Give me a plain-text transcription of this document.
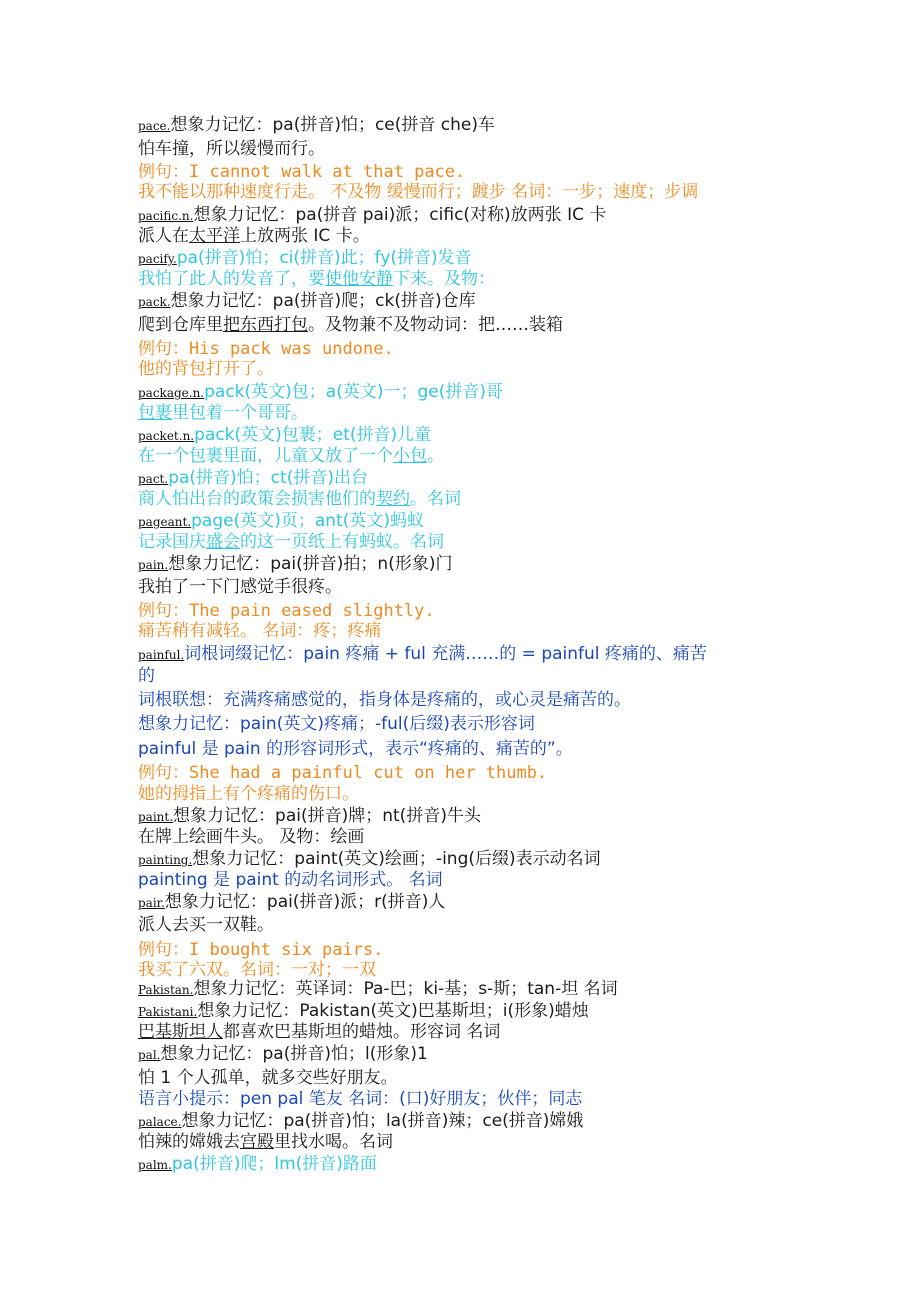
pace.想象力记忆：pa(拼音)怕；ce(拼音 che)车
怕车撞，所以缓慢而行。
例句：I cannot walk at that pace.
我不能以那种速度行走。 不及物 缓慢而行；踱步 名词：一步；速度；步调
pacific.n.想象力记忆：pa(拼音 pai)派；cific(对称)放两张 IC 卡
派人在太平洋上放两张 IC 卡。
pacify.pa(拼音)怕；ci(拼音)此；fy(拼音)发音
我怕了此人的发音了，要使他安静下来。及物：
pack.想象力记忆：pa(拼音)爬；ck(拼音)仓库
爬到仓库里把东西打包。及物兼不及物动词：把……装箱
例句：His pack was undone.
他的背包打开了。
package.n.pack(英文)包；a(英文)一；ge(拼音)哥
包裹里包着一个哥哥。
packet.n.pack(英文)包裹；et(拼音)儿童
在一个包裹里面，儿童又放了一个小包。
pact.pa(拼音)怕；ct(拼音)出台
商人怕出台的政策会损害他们的契约。名词
pageant.page(英文)页；ant(英文)蚂蚁
记录国庆盛会的这一页纸上有蚂蚁。名词
pain.想象力记忆：pai(拼音)拍；n(形象)门
我拍了一下门感觉手很疼。
例句：The pain eased slightly.
痛苦稍有减轻。 名词：疼；疼痛
painful.词根词缀记忆：pain 疼痛 + ful 充满……的 = painful 疼痛的、痛苦
的
词根联想：充满疼痛感觉的，指身体是疼痛的，或心灵是痛苦的。
想象力记忆：pain(英文)疼痛；-ful(后缀)表示形容词
painful 是 pain 的形容词形式，表示“疼痛的、痛苦的”。
例句：She had a painful cut on her thumb.
她的拇指上有个疼痛的伤口。
paint.想象力记忆：pai(拼音)牌；nt(拼音)牛头
在牌上绘画牛头。 及物：绘画
painting.想象力记忆：paint(英文)绘画；-ing(后缀)表示动名词
painting 是 paint 的动名词形式。 名词
pair.想象力记忆：pai(拼音)派；r(拼音)人
派人去买一双鞋。
例句：I bought six pairs.
我买了六双。名词：一对；一双
Pakistan.想象力记忆：英译词：Pa-巴；ki-基；s-斯；tan-坦 名词
Pakistani.想象力记忆：Pakistan(英文)巴基斯坦；i(形象)蜡烛
巴基斯坦人都喜欢巴基斯坦的蜡烛。形容词 名词
pal.想象力记忆：pa(拼音)怕；l(形象)1
怕 1 个人孤单，就多交些好朋友。
语言小提示：pen pal 笔友 名词：(口)好朋友；伙伴；同志
palace.想象力记忆：pa(拼音)怕；la(拼音)辣；ce(拼音)嫦娥
怕辣的嫦娥去宫殿里找水喝。名词
palm.pa(拼音)爬；lm(拼音)路面
